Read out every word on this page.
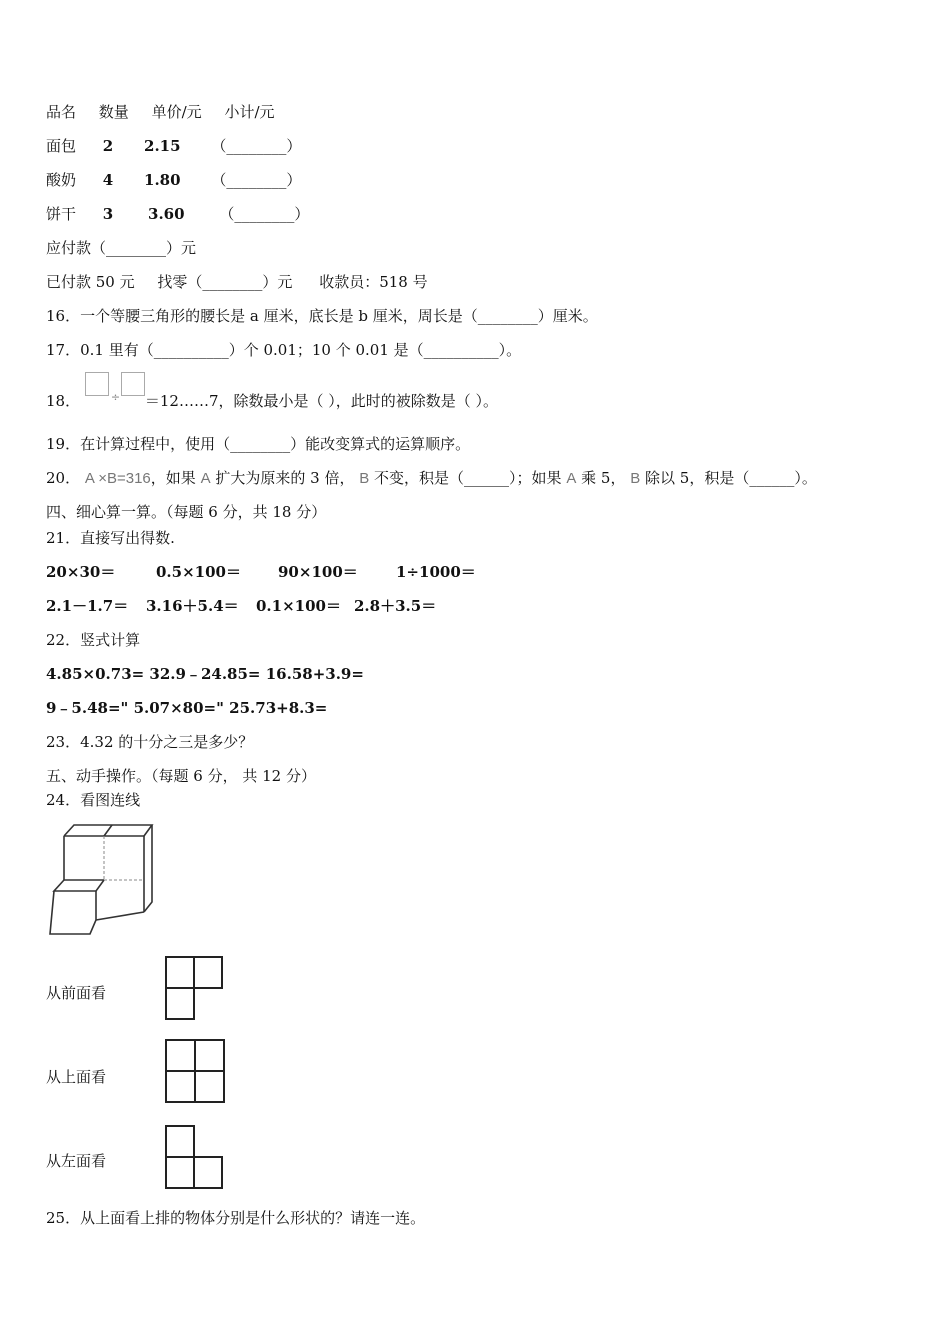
品名 数量 单价/元 小计/元
面包 2 2.15 （________）
酸奶 4 1.80 （________）
饼干 3 3.60 （________）
应付款（________）元
已付款 50 元 找零（________）元 收款员：518 号
16．一个等腰三角形的腰长是 a 厘米，底长是 b 厘米，周长是（________）厘米。
17．0.1 里有（__________）个 0.01；10 个 0.01 是（__________）。
18．	÷ ＝12……7，除数最小是（ ），此时的被除数是（ ）。
19．在计算过程中，使用（________）能改变算式的运算顺序。
20． A ×B=316，如果 A 扩大为原来的 3 倍， B 不变，积是（______）；如果 A 乘 5， B 除以 5，积是（______）。
四、细心算一算。（每题 6 分，共 18 分）
21．直接写出得数.
20×30＝	0.5×100＝ 90×100＝	1÷1000＝
2.1－1.7＝ 3.16＋5.4＝ 0.1×100＝ 2.8＋3.5＝
22．竖式计算
4.85×0.73= 32.9﹣24.85= 16.58+3.9=
9﹣5.48=" 5.07×80=" 25.73+8.3=
23．4.32 的十分之三是多少？
五、动手操作。（每题 6 分， 共 12 分）
24．看图连线
从前面看
从上面看
从左面看
25．从上面看上排的物体分别是什么形状的？请连一连。
